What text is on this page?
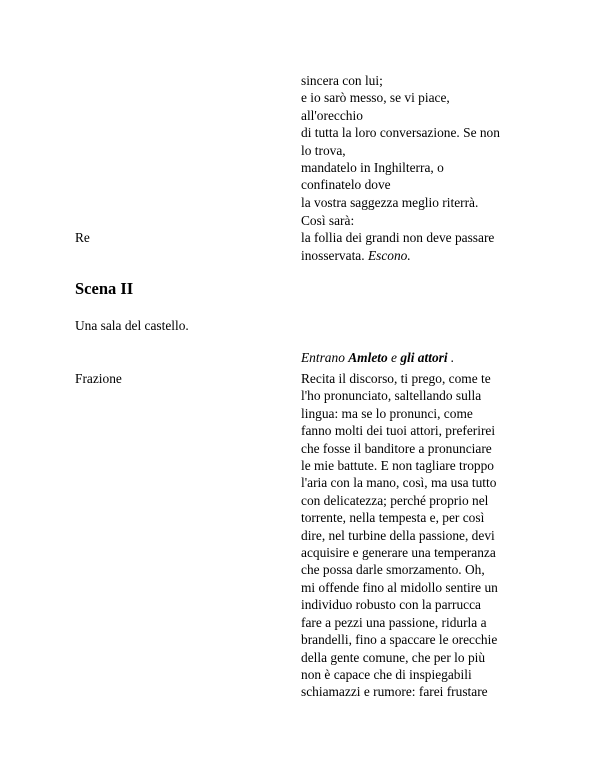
sincera con lui;
e io sarò messo, se vi piace,
all'orecchio
di tutta la loro conversazione. Se non
lo trova,
mandatelo in Inghilterra, o
confinatelo dove
la vostra saggezza meglio riterrà.
Re
Così sarà:
la follia dei grandi non deve passare
inosservata. Escono.
Scena II
Una sala del castello.
Entrano Amleto e gli attori .
Frazione	Recita il discorso, ti prego, come te
l'ho pronunciato, saltellando sulla
lingua: ma se lo pronunci, come
fanno molti dei tuoi attori, preferirei
che fosse il banditore a pronunciare
le mie battute. E non tagliare troppo
l'aria con la mano, così, ma usa tutto
con delicatezza; perché proprio nel
torrente, nella tempesta e, per così
dire, nel turbine della passione, devi
acquisire e generare una temperanza
che possa darle smorzamento. Oh,
mi offende fino al midollo sentire un
individuo robusto con la parrucca
fare a pezzi una passione, ridurla a
brandelli, fino a spaccare le orecchie
della gente comune, che per lo più
non è capace che di inspiegabili
schiamazzi e rumore: farei frustare
